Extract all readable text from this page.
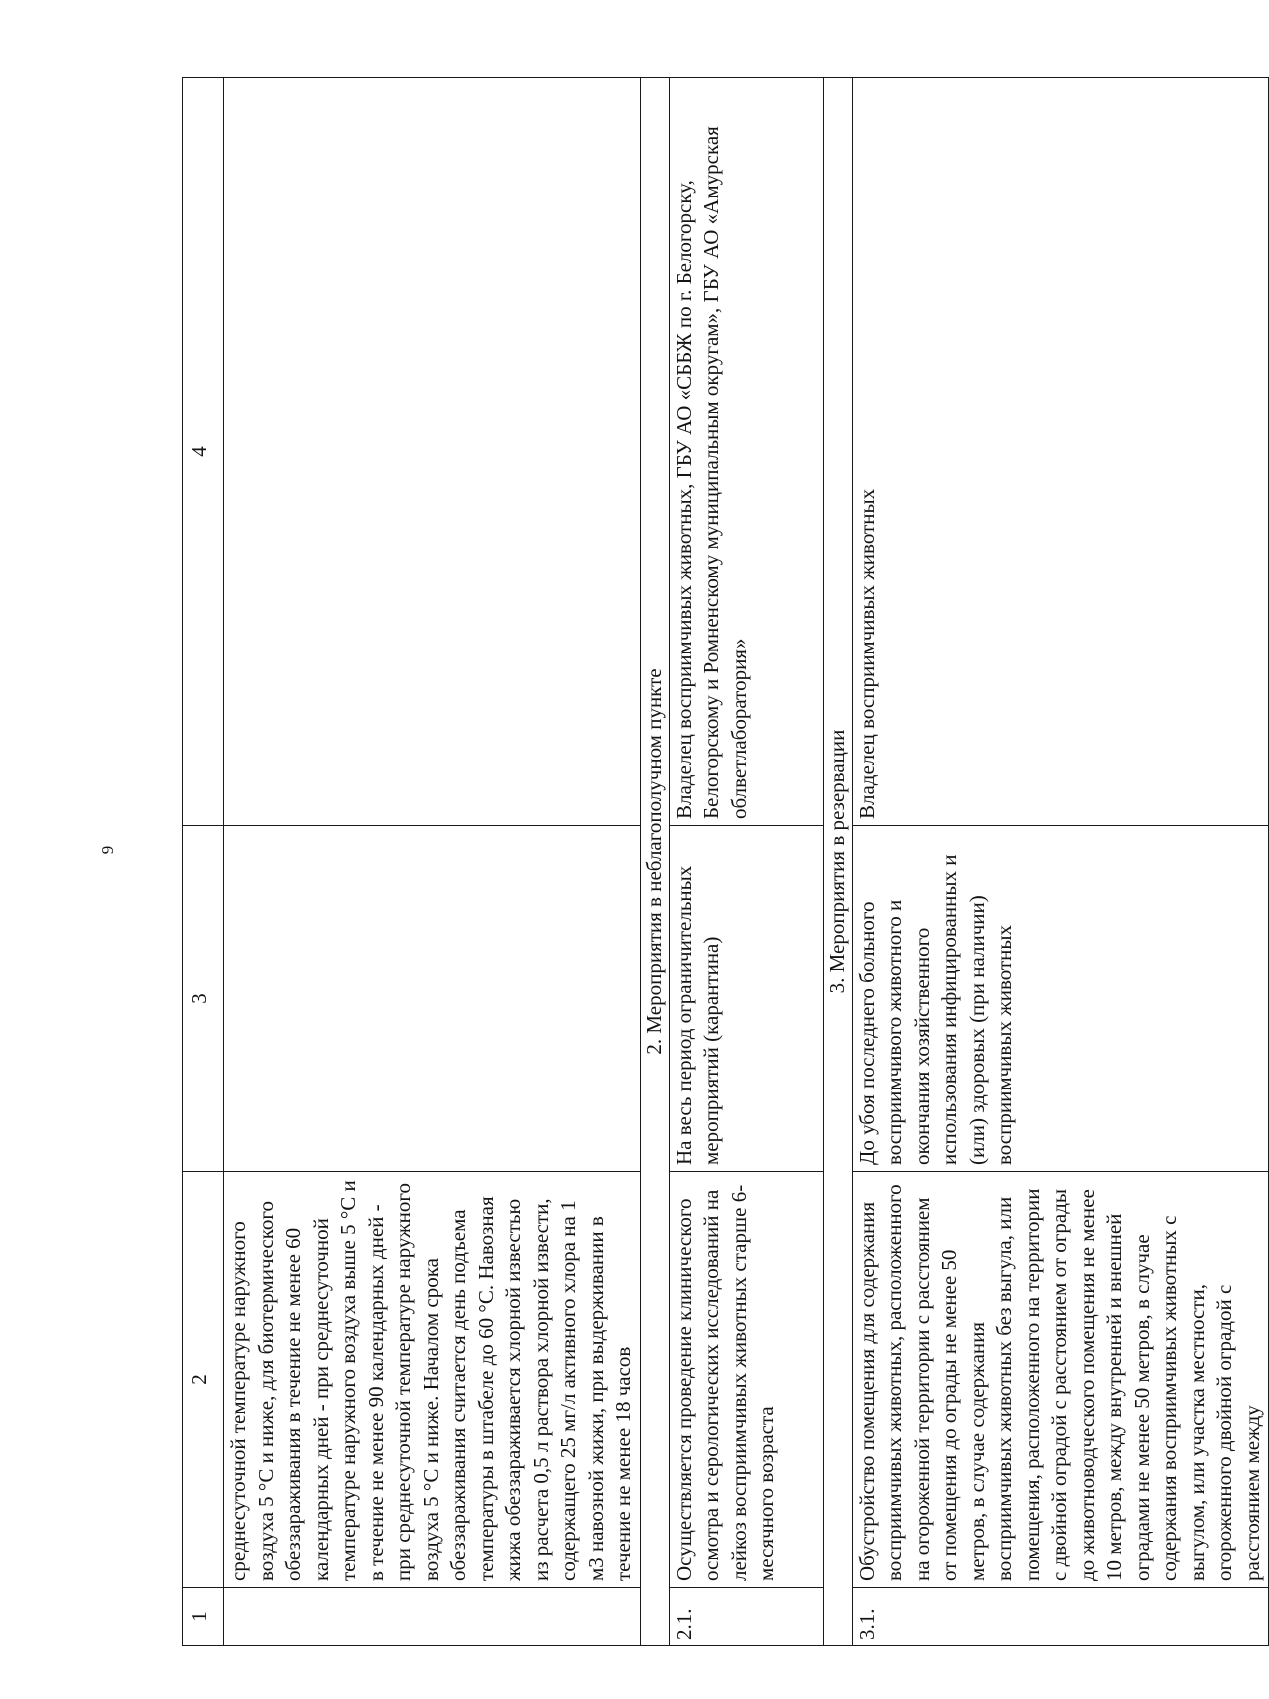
9
1	2	3	4
	среднесуточной температуре наружного воздуха 5 °С и ниже, для биотермического обеззараживания в течение не менее 60 календарных дней - при среднесуточной температуре наружного воздуха выше 5 °С и в течение не менее 90 календарных дней - при среднесуточной температуре наружного воздуха 5 °С и ниже. Началом срока обеззараживания считается день подъема температуры в штабеле до 60 °С. Навозная жижа обеззараживается хлорной известью из расчета 0,5 л раствора хлорной извести, содержащего 25 мг/л активного хлора на 1 м3 навозной жижи, при выдерживании в течение не менее 18 часов		
2. Мероприятия в неблагополучном пункте			
2.1.	Осуществляется проведение клинического осмотра и серологических исследований на лейкоз восприимчивых животных старше 6-месячного возраста	На весь период ограничительных мероприятий (карантина)	Владелец восприимчивых животных, ГБУ АО «СББЖ по г. Белогорску, Белогорскому и Ромненскому муниципальным округам», ГБУ АО «Амурская облветлаборатория»
3. Мероприятия в резервации			
3.1.	Обустройство помещения для содержания восприимчивых животных, расположенного на огороженной территории с расстоянием от помещения до ограды не менее 50 метров, в случае содержания восприимчивых животных без выгула, или помещения, расположенного на территории с двойной оградой с расстоянием от ограды до животноводческого помещения не менее 10 метров, между внутренней и внешней оградами не менее 50 метров, в случае содержания восприимчивых животных с выгулом, или участка местности, огороженного двойной оградой с расстоянием между	До убоя последнего больного восприимчивого животного и окончания хозяйственного использования инфицированных и (или) здоровых (при наличии) восприимчивых животных	Владелец восприимчивых животных
